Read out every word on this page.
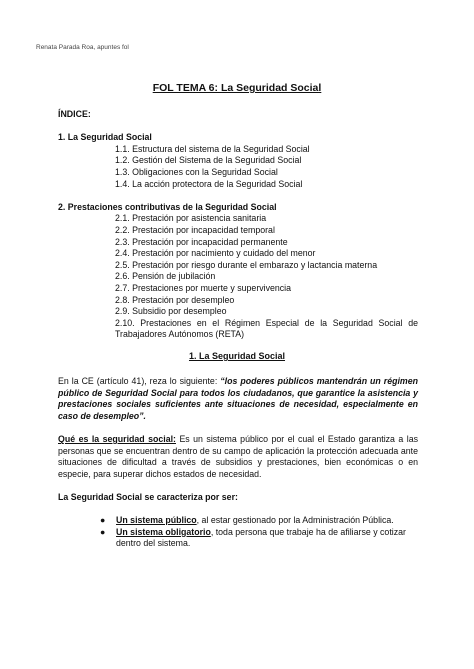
Renata Parada Roa, apuntes fol
FOL TEMA 6: La Seguridad Social
ÍNDICE:
1. La Seguridad Social
1.1. Estructura del sistema de la Seguridad Social
1.2. Gestión del Sistema de la Seguridad Social
1.3. Obligaciones con la Seguridad Social
1.4. La acción protectora de la Seguridad Social
2. Prestaciones contributivas de la Seguridad Social
2.1. Prestación por asistencia sanitaria
2.2. Prestación por incapacidad temporal
2.3. Prestación por incapacidad permanente
2.4. Prestación por nacimiento y cuidado del menor
2.5. Prestación por riesgo durante el embarazo y lactancia materna
2.6. Pensión de jubilación
2.7. Prestaciones por muerte y supervivencia
2.8. Prestación por desempleo
2.9. Subsidio por desempleo
2.10. Prestaciones en el Régimen Especial de la Seguridad Social de Trabajadores Autónomos (RETA)
1. La Seguridad Social
En la CE (artículo 41), reza lo siguiente: “los poderes públicos mantendrán un régimen público de Seguridad Social para todos los ciudadanos, que garantice la asistencia y prestaciones sociales suficientes ante situaciones de necesidad, especialmente en caso de desempleo”.
Qué es la seguridad social: Es un sistema público por el cual el Estado garantiza a las personas que se encuentran dentro de su campo de aplicación la protección adecuada ante situaciones de dificultad a través de subsidios y prestaciones, bien económicas o en especie, para superar dichos estados de necesidad.
La Seguridad Social se caracteriza por ser:
● Un sistema público, al estar gestionado por la Administración Pública.
● Un sistema obligatorio, toda persona que trabaje ha de afiliarse y cotizar dentro del sistema.
